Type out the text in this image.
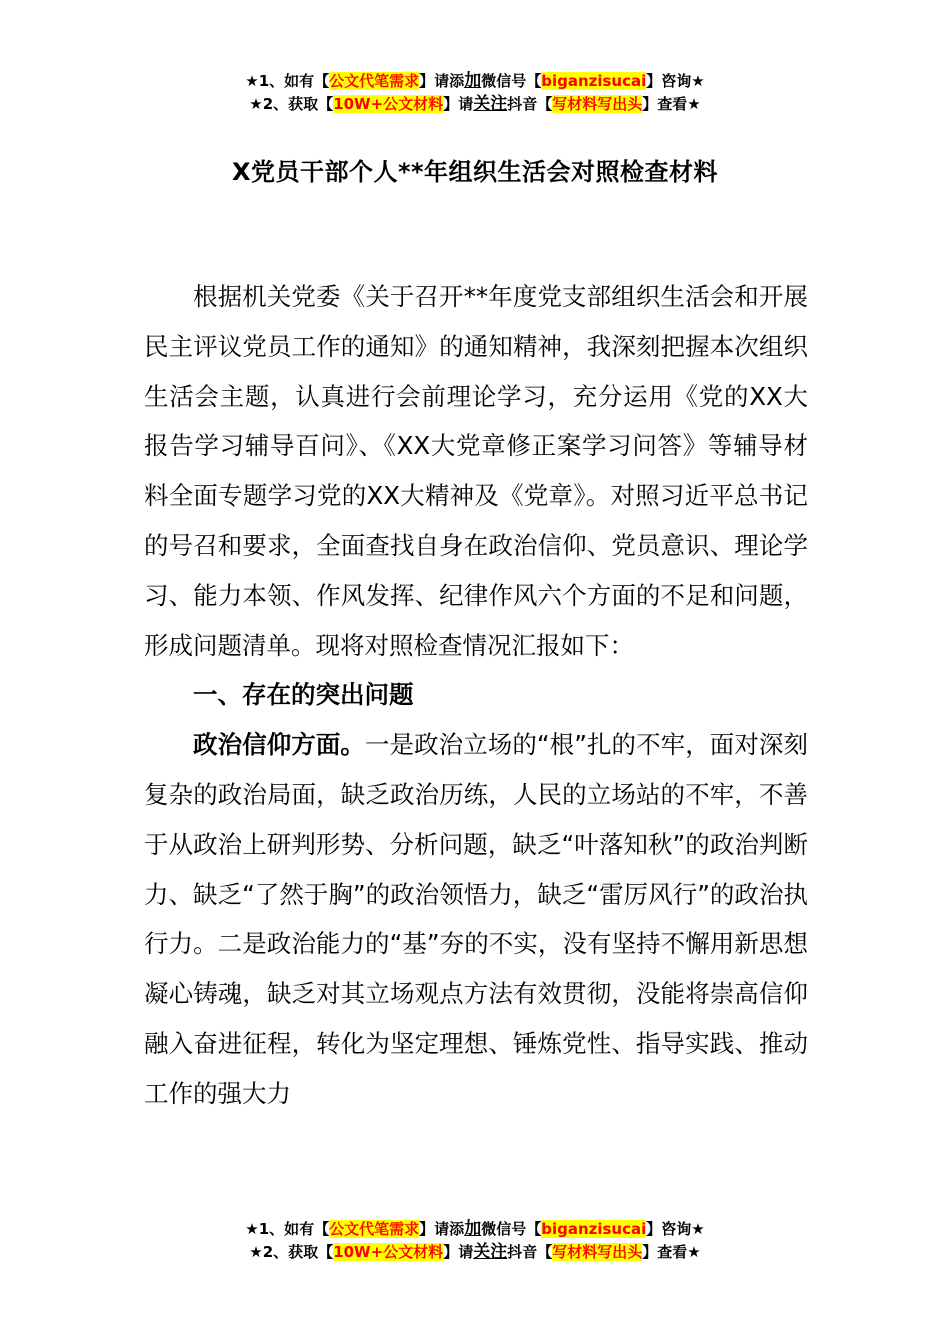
★1、如有【公文代笔需求】请添加微信号【biganzisucai】咨询★
★2、获取【10W+公文材料】请关注抖音【写材料写出头】查看★
X党员干部个人**年组织生活会对照检查材料

根据机关党委《关于召开**年度党支部组织生活会和开展民主评议党员工作的通知》的通知精神，我深刻把握本次组织生活会主题，认真进行会前理论学习，充分运用《党的XX大报告学习辅导百问》、《XX大党章修正案学习问答》等辅导材料全面专题学习党的XX大精神及《党章》。对照习近平总书记的号召和要求，全面查找自身在政治信仰、党员意识、理论学习、能力本领、作风发挥、纪律作风六个方面的不足和问题，形成问题清单。现将对照检查情况汇报如下：

一、存在的突出问题

政治信仰方面。一是政治立场的“根”扎的不牢，面对深刻复杂的政治局面，缺乏政治历练，人民的立场站的不牢，不善于从政治上研判形势、分析问题，缺乏“叶落知秋”的政治判断力、缺乏“了然于胸”的政治领悟力，缺乏“雷厉风行”的政治执行力。二是政治能力的“基”夯的不实，没有坚持不懈用新思想凝心铸魂，缺乏对其立场观点方法有效贯彻，没能将崇高信仰融入奋进征程，转化为坚定理想、锤炼党性、指导实践、推动工作的强大力

★1、如有【公文代笔需求】请添加微信号【biganzisucai】咨询★
★2、获取【10W+公文材料】请关注抖音【写材料写出头】查看★
